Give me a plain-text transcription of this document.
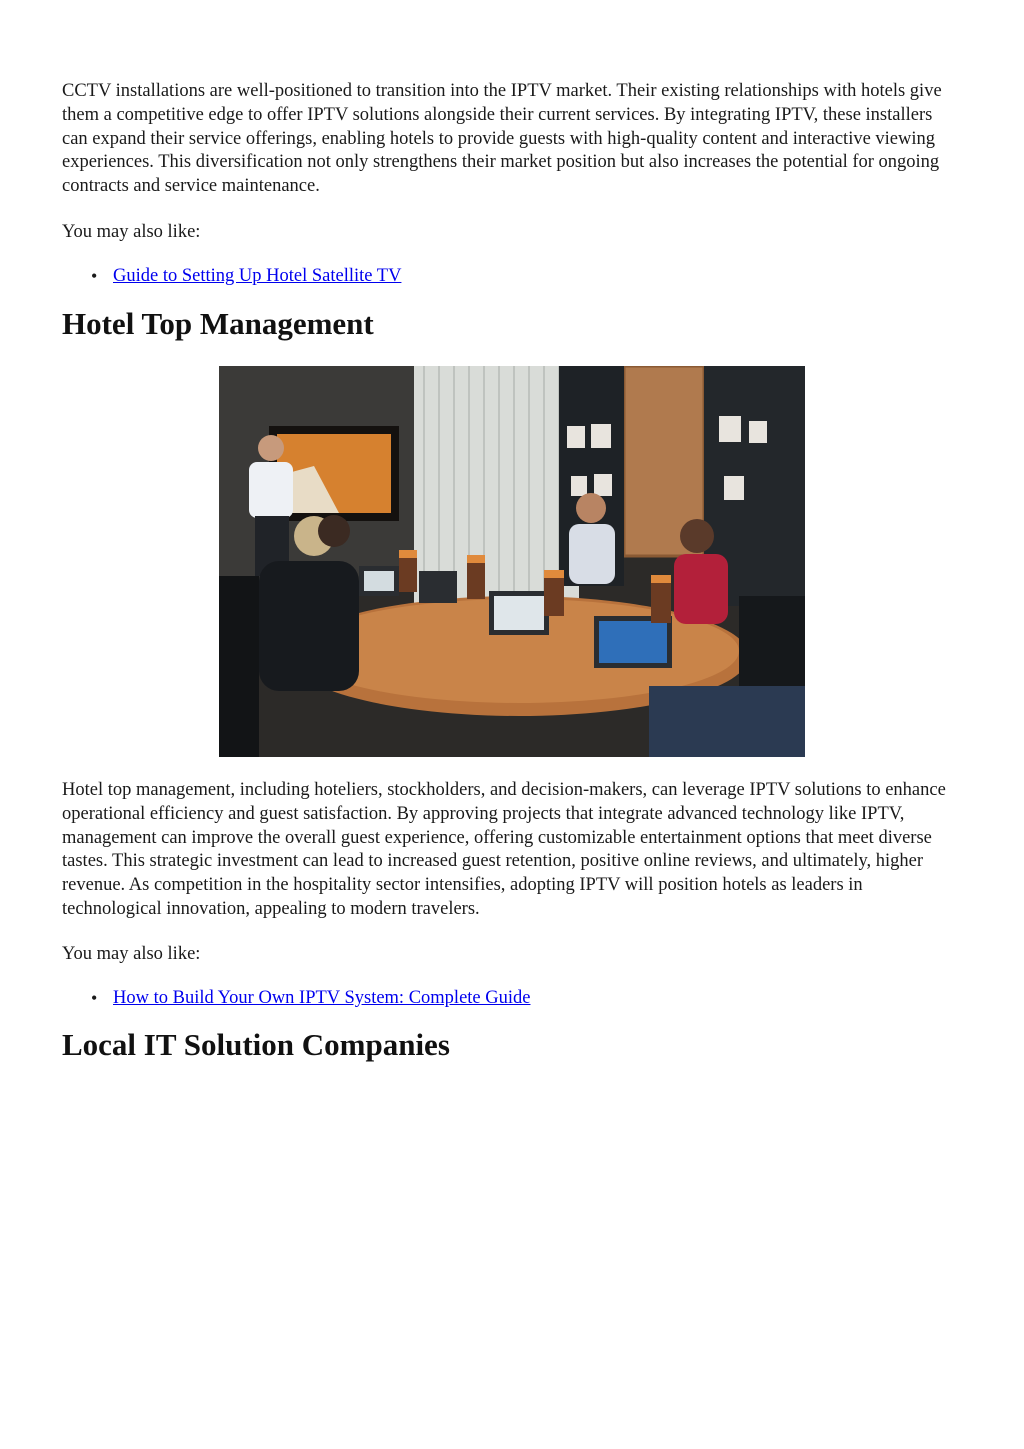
CCTV installations are well-positioned to transition into the IPTV market. Their existing relationships with hotels give them a competitive edge to offer IPTV solutions alongside their current services. By integrating IPTV, these installers can expand their service offerings, enabling hotels to provide guests with high-quality content and interactive viewing experiences. This diversification not only strengthens their market position but also increases the potential for ongoing contracts and service maintenance.

You may also like:

• Guide to Setting Up Hotel Satellite TV
Hotel Top Management

Hotel top management, including hoteliers, stockholders, and decision-makers, can leverage IPTV solutions to enhance operational efficiency and guest satisfaction. By approving projects that integrate advanced technology like IPTV, management can improve the overall guest experience, offering customizable entertainment options that meet diverse tastes. This strategic investment can lead to increased guest retention, positive online reviews, and ultimately, higher revenue. As competition in the hospitality sector intensifies, adopting IPTV will position hotels as leaders in technological innovation, appealing to modern travelers.

You may also like:

• How to Build Your Own IPTV System: Complete Guide
Local IT Solution Companies
